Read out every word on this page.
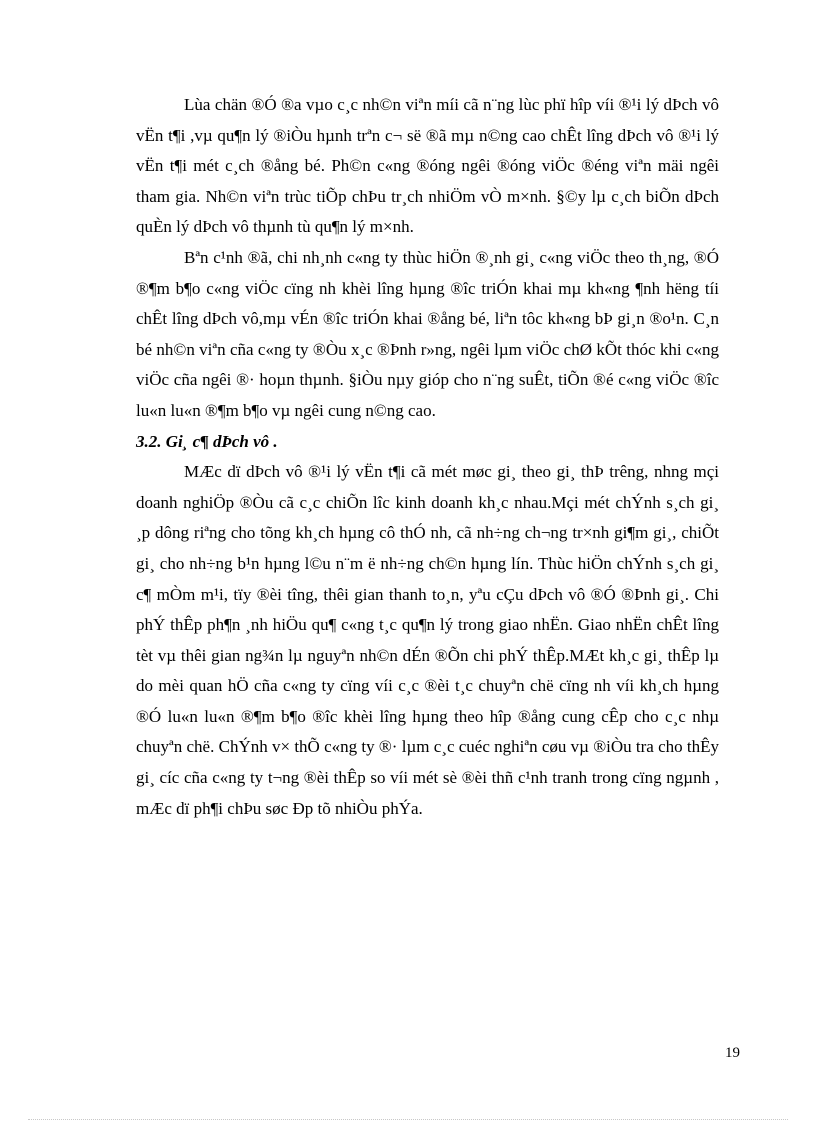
Lùa chän ®Ó ®a vµo c¸c nh©n viªn míi cã n¨ng lùc phï hîp víi ®¹i lý dÞch vô vËn t¶i ,vµ qu¶n lý ®iÒu hµnh trªn c¬ së ®ã mµ n©ng cao chÊt lîng dÞch vô ®¹i lý vËn t¶i mét c¸ch ®ång bé. Ph©n c«ng ®óng ngêi ®óng viÖc ®éng viªn mäi ngêi tham gia. Nh©n viªn trùc tiÕp chÞu tr¸ch nhiÖm vÒ m×nh. §©y lµ c¸ch biÕn dÞch quÈn lý dÞch vô thµnh tù qu¶n lý m×nh.

Bªn c¹nh ®ã, chi nh¸nh c«ng ty thùc hiÖn ®¸nh gi¸ c«ng viÖc theo th¸ng, ®Ó ®¶m b¶o c«ng viÖc cïng nh khèi lîng hµng ®îc triÓn khai mµ kh«ng ¶nh hëng tíi chÊt lîng dÞch vô,mµ vÉn ®îc triÓn khai ®ång bé, liªn tôc kh«ng bÞ gi¸n ®o¹n. C¸n bé nh©n viªn cña c«ng ty ®Òu x¸c ®Þnh r»ng, ngêi lµm viÖc chØ kÕt thóc khi c«ng viÖc cña ngêi ®· hoµn thµnh. §iÒu nµy gióp cho n¨ng suÊt, tiÕn ®é c«ng viÖc ®îc lu«n lu«n ®¶m b¶o vµ ngêi cung n©ng cao.

3.2. Gi¸ c¶ dÞch vô .

MÆc dï dÞch vô ®¹i lý vËn t¶i cã mét møc gi¸ theo gi¸ thÞ trêng, nhng mçi doanh nghiÖp ®Òu cã c¸c chiÕn lîc kinh doanh kh¸c nhau.Mçi mét chÝnh s¸ch gi¸ ¸p dông riªng cho tõng kh¸ch hµng cô thÓ nh, cã nh÷ng ch¬ng tr×nh gi¶m gi¸, chiÕt gi¸ cho nh÷ng b¹n hµng l©u n¨m ë nh÷ng ch©n hµng lín. Thùc hiÖn chÝnh s¸ch gi¸ c¶ mÒm m¹i, tïy ®èi tîng, thêi gian thanh to¸n, yªu cÇu dÞch vô ®Ó ®Þnh gi¸. Chi phÝ thÊp ph¶n ¸nh hiÖu qu¶ c«ng t¸c qu¶n lý trong giao nhËn. Giao nhËn chÊt lîng tèt vµ thêi gian ng¾n lµ nguyªn nh©n dÉn ®Õn chi phÝ thÊp.MÆt kh¸c gi¸ thÊp lµ do mèi quan hÖ cña c«ng ty cïng víi c¸c ®èi t¸c chuyªn chë cïng nh víi kh¸ch hµng ®Ó lu«n lu«n ®¶m b¶o ®îc khèi lîng hµng theo hîp ®ång cung cÊp cho c¸c nhµ chuyªn chë. ChÝnh v× thÕ c«ng ty ®· lµm c¸c cuéc nghiªn cøu vµ ®iÒu tra cho thÊy gi¸ cíc cña c«ng ty t¬ng ®èi thÊp so víi mét sè ®èi thñ c¹nh tranh trong cïng ngµnh , mÆc dï ph¶i chÞu søc Ðp tõ nhiÒu phÝa.

19
